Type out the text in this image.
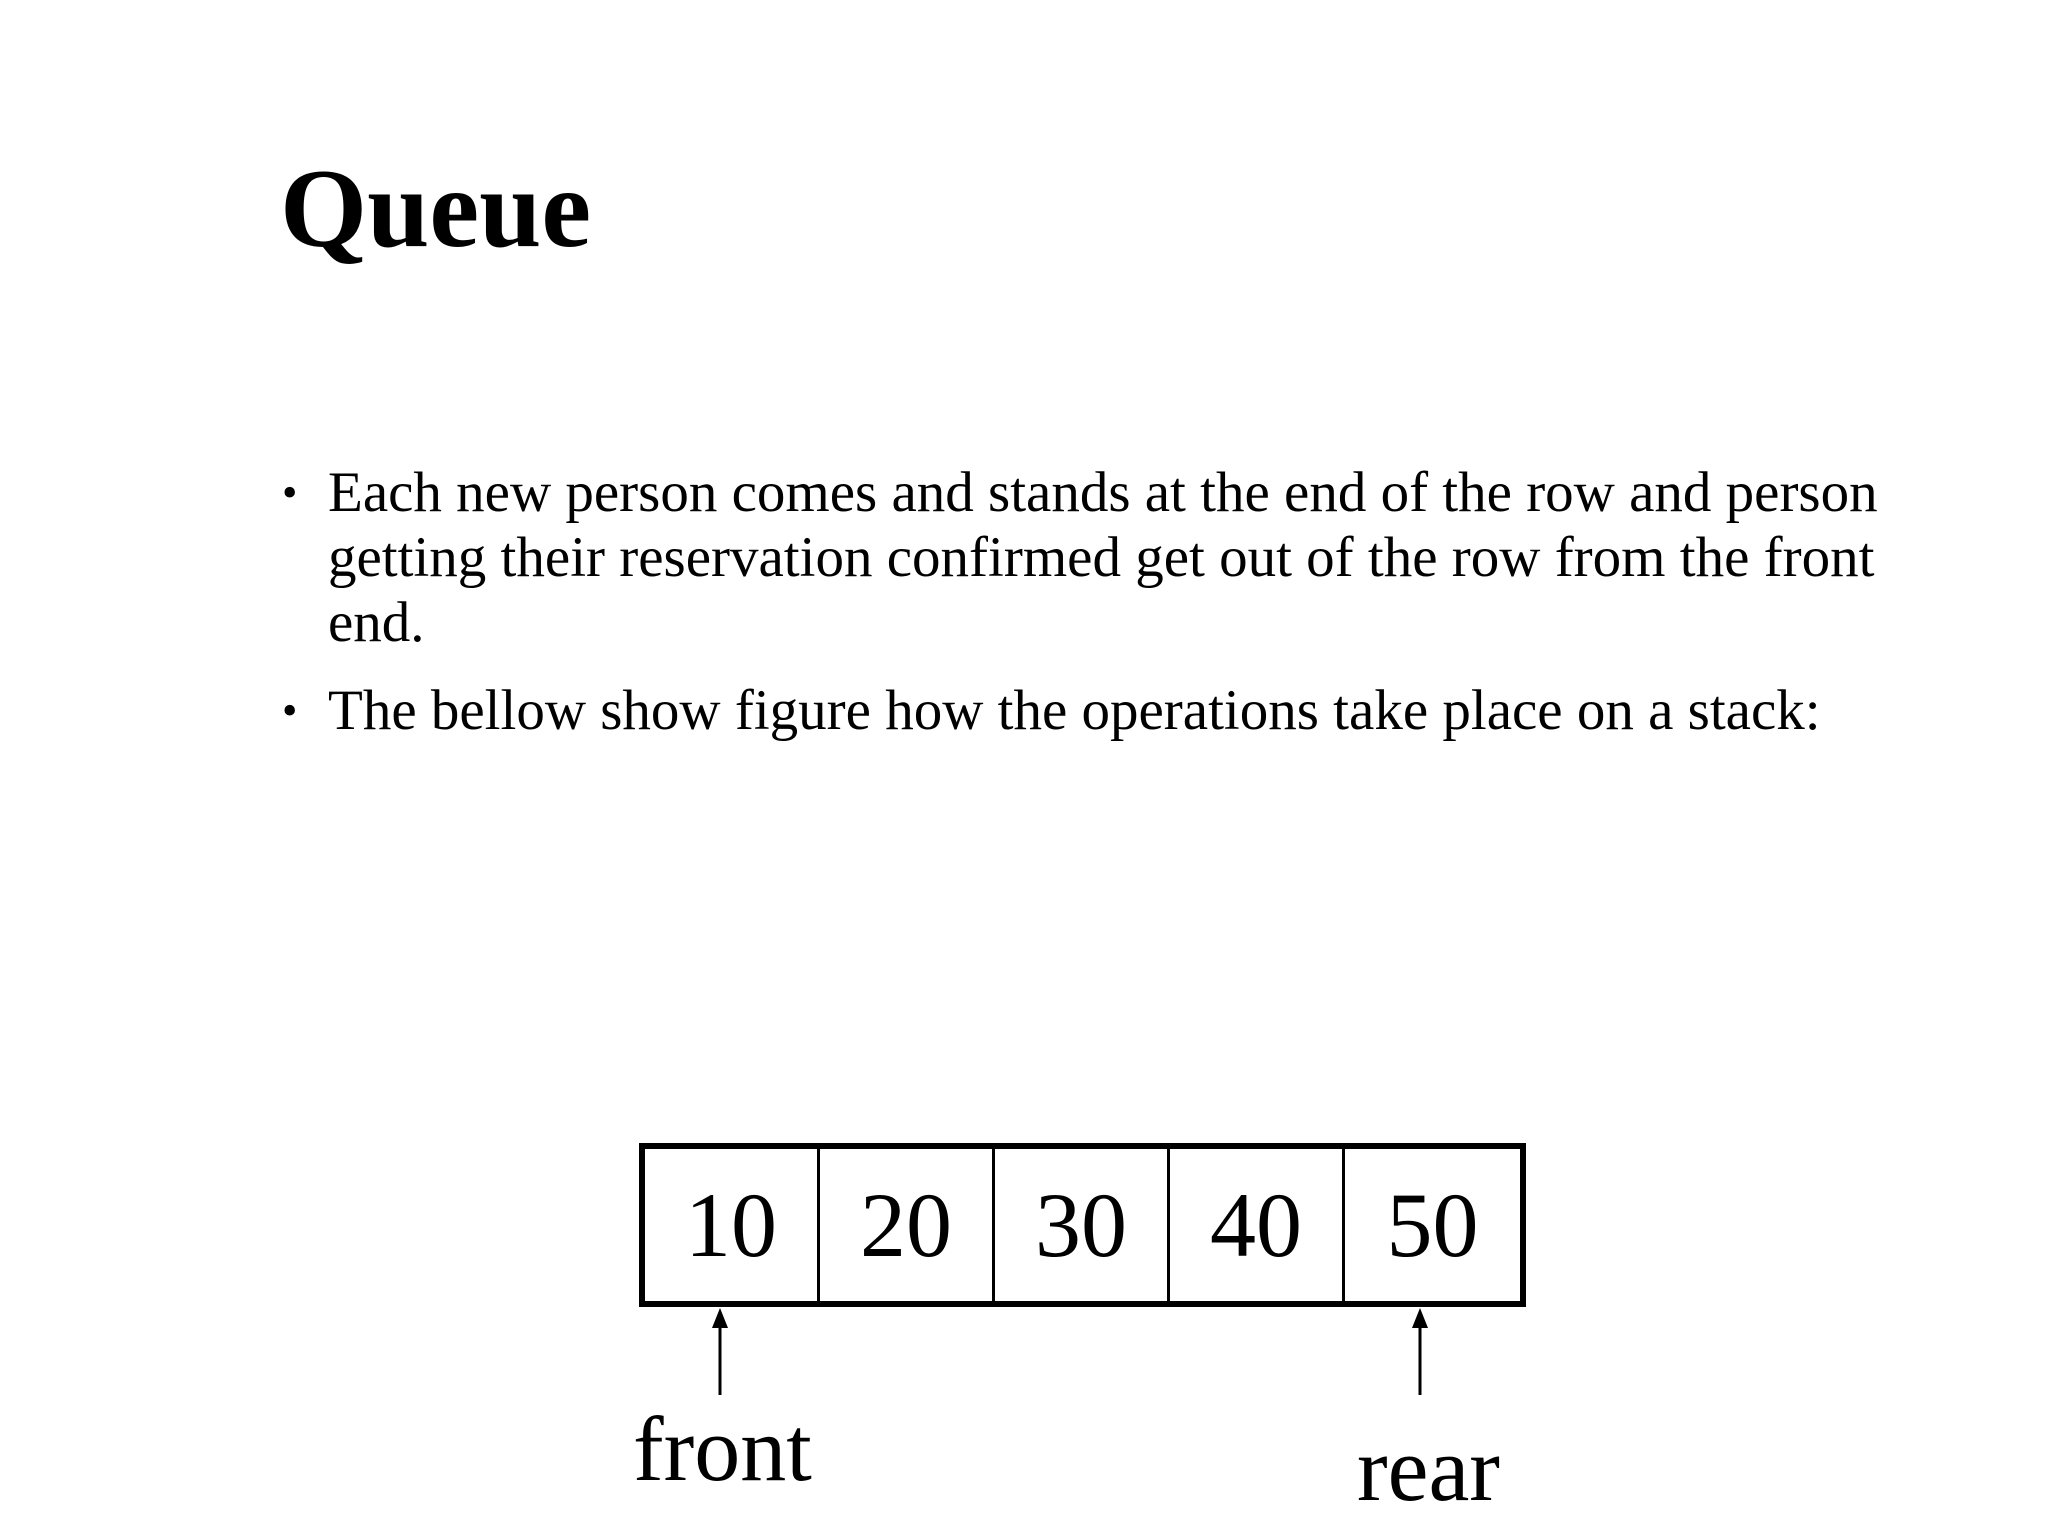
Queue
• Each new person comes and stands at the end of the row and person getting their reservation confirmed get out of the row from the front end.
• The bellow show figure how the operations take place on a stack:
10 20 30 40 50
front	rear
